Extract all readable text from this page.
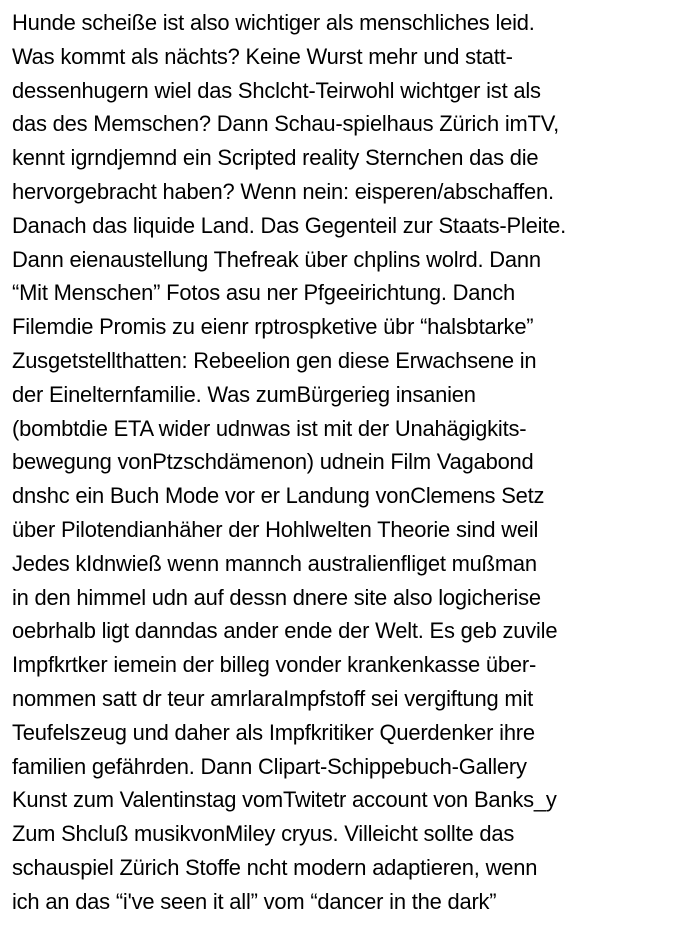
Hunde scheiße ist also wichtiger als menschliches leid.
Was kommt als nächts? Keine Wurst mehr und statt-
dessenhugern wiel das Shclcht-Teirwohl wichtger ist als
das des Memschen? Dann Schau-spielhaus Zürich imTV,
kennt igrndjemnd ein Scripted reality Sternchen das die
hervorgebracht haben? Wenn nein: eisperen/abschaffen.
Danach das liquide Land. Das Gegenteil zur Staats-Pleite.
Dann eienaustellung Thefreak über chplins wolrd. Dann
“Mit Menschen” Fotos asu ner Pfgeeirichtung. Danch
Filemdie Promis zu eienr rptrospketive übr “halsbtarke”
Zusgetstellthatten: Rebeelion gen diese Erwachsene in
der Einelternfamilie. Was zumBürgerieg insanien
(bombtdie ETA wider udnwas ist mit der Unahägigkits-
bewegung vonPtzschdämenon) udnein Film Vagabond
dnshc ein Buch Mode vor er Landung vonClemens Setz
über Pilotendianhäher der Hohlwelten Theorie sind weil
Jedes kIdnwieß wenn mannch australienfliget mußman
in den himmel udn auf dessn dnere site also logicherise
oebrhalb ligt danndas ander ende der Welt. Es geb zuvile
Impfkrtker iemein der billeg vonder krankenkasse über-
nommen satt dr teur amrlaraImpfstoff sei vergiftung mit
Teufelszeug und daher als Impfkritiker Querdenker ihre
familien gefährden. Dann Clipart-Schippebuch-Gallery
Kunst zum Valentinstag vomTwitetr account von Banks_y
Zum Shcluß musikvonMiley cryus. Villeicht sollte das
schauspiel Zürich Stoffe ncht modern adaptieren, wenn
ich an das “i've seen it all” vom “dancer in the dark”
